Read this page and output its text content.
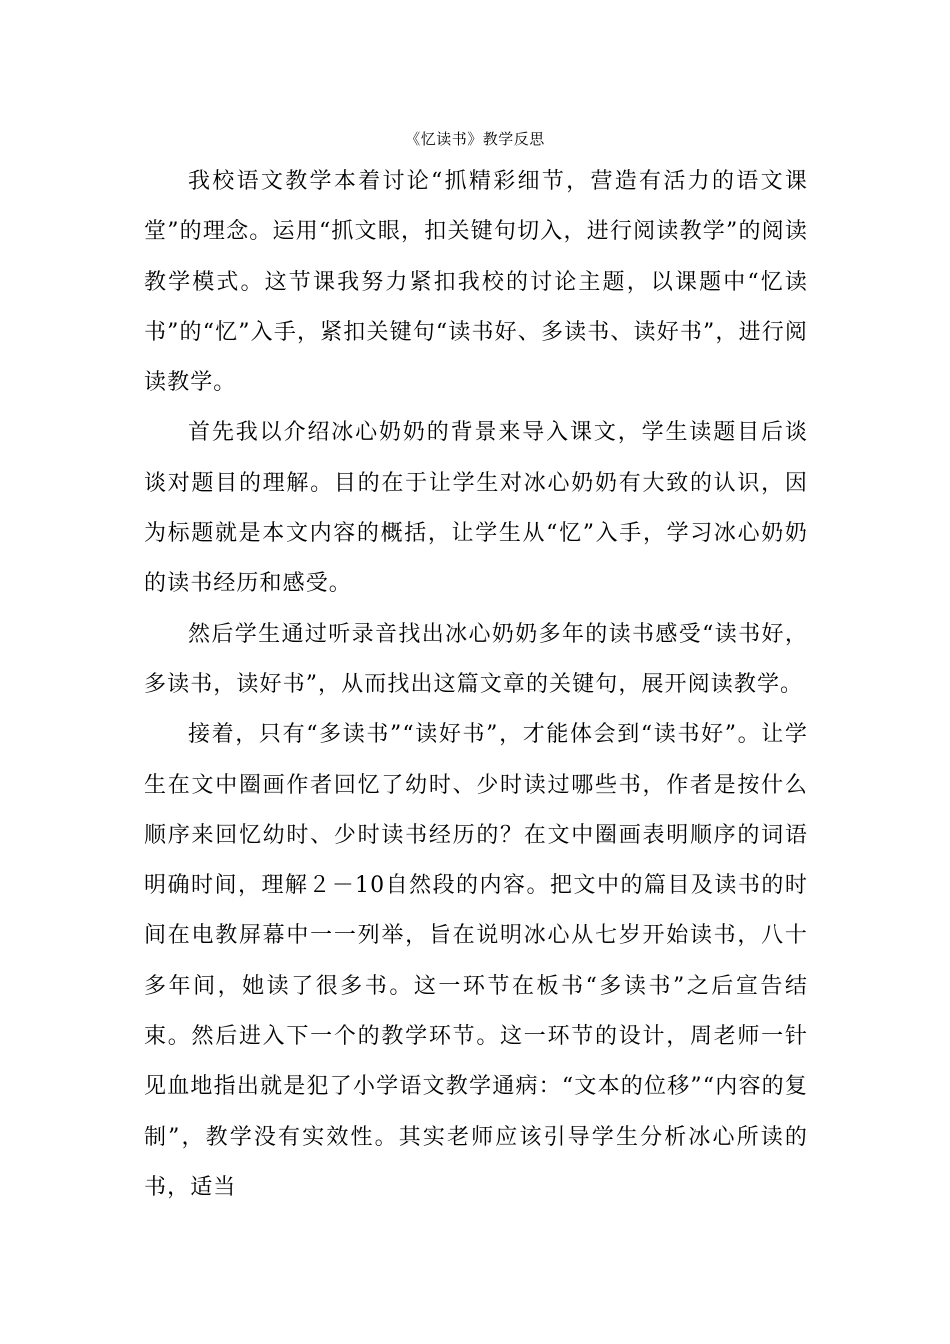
《忆读书》教学反思

我校语文教学本着讨论“抓精彩细节，营造有活力的语文课堂”的理念。运用“抓文眼，扣关键句切入，进行阅读教学”的阅读教学模式。这节课我努力紧扣我校的讨论主题，以课题中“忆读书”的“忆”入手，紧扣关键句“读书好、多读书、读好书”，进行阅读教学。

首先我以介绍冰心奶奶的背景来导入课文，学生读题目后谈谈对题目的理解。目的在于让学生对冰心奶奶有大致的认识，因为标题就是本文内容的概括，让学生从“忆”入手，学习冰心奶奶的读书经历和感受。

然后学生通过听录音找出冰心奶奶多年的读书感受“读书好，多读书，读好书”，从而找出这篇文章的关键句，展开阅读教学。

接着，只有“多读书”“读好书”，才能体会到“读书好”。让学生在文中圈画作者回忆了幼时、少时读过哪些书，作者是按什么顺序来回忆幼时、少时读书经历的？在文中圈画表明顺序的词语明确时间，理解２－10自然段的内容。把文中的篇目及读书的时间在电教屏幕中一一列举，旨在说明冰心从七岁开始读书，八十多年间，她读了很多书。这一环节在板书“多读书”之后宣告结束。然后进入下一个的教学环节。这一环节的设计，周老师一针见血地指出就是犯了小学语文教学通病：“文本的位移”“内容的复制”，教学没有实效性。其实老师应该引导学生分析冰心所读的书，适当
